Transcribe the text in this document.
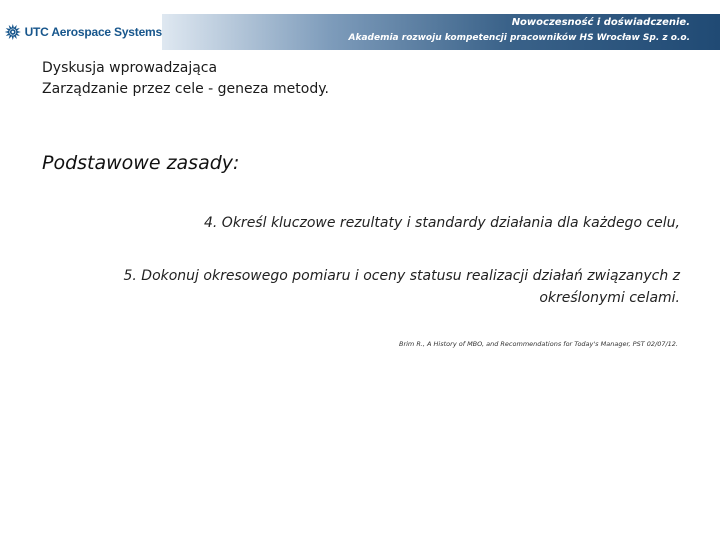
UTC Aerospace Systems
Nowoczesność i doświadczenie.
Akademia rozwoju kompetencji pracowników HS Wrocław Sp. z o.o.
Dyskusja wprowadzająca
Zarządzanie przez cele - geneza metody.
Podstawowe zasady:
4. Określ kluczowe rezultaty i standardy działania dla każdego celu,
5. Dokonuj okresowego pomiaru i oceny statusu realizacji działań związanych z określonymi celami.
Brim R., A History of MBO, and Recommendations for Today's Manager, PST 02/07/12.
